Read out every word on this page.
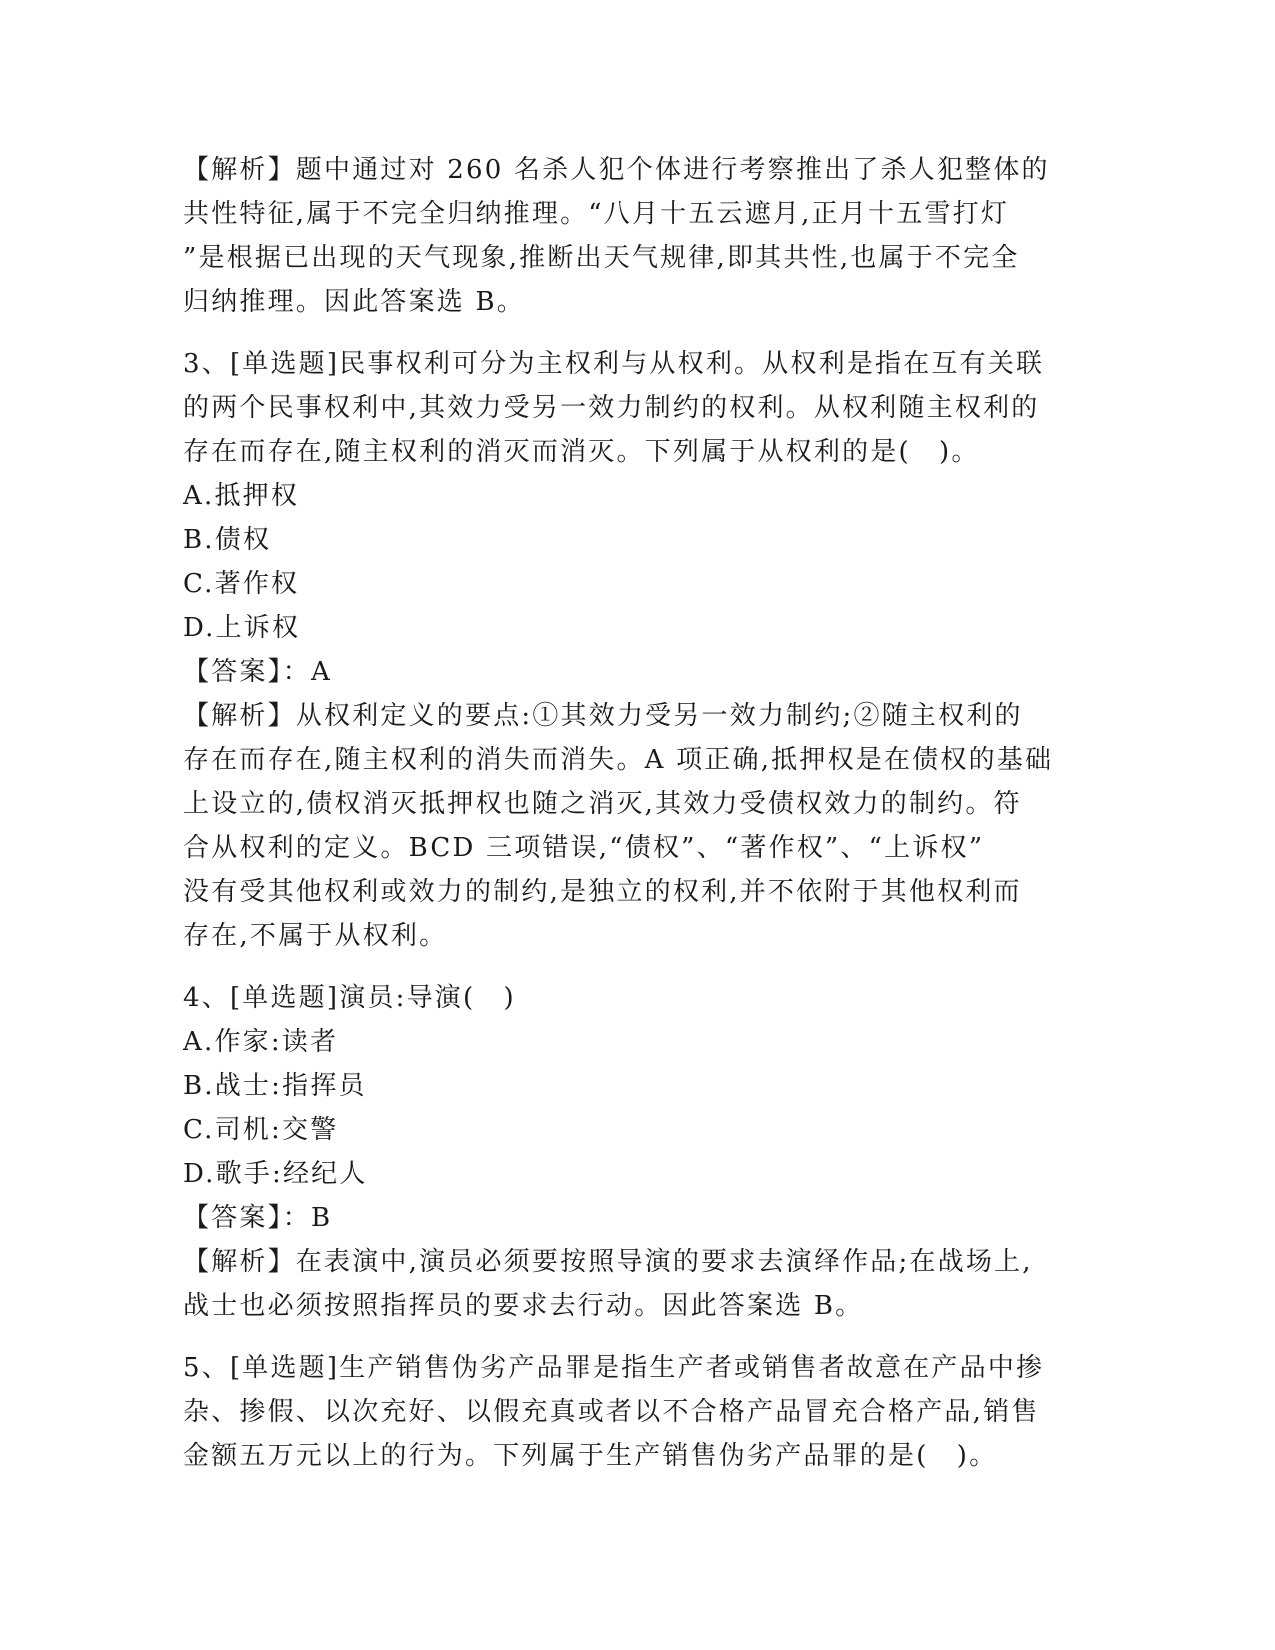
【解析】题中通过对 260 名杀人犯个体进行考察推出了杀人犯整体的
共性特征,属于不完全归纳推理。“八月十五云遮月,正月十五雪打灯
”是根据已出现的天气现象,推断出天气规律,即其共性,也属于不完全
归纳推理。因此答案选 B。
3、[单选题]民事权利可分为主权利与从权利。从权利是指在互有关联
的两个民事权利中,其效力受另一效力制约的权利。从权利随主权利的
存在而存在,随主权利的消灭而消灭。下列属于从权利的是(　)。
A.抵押权
B.债权
C.著作权
D.上诉权
【答案】：A
【解析】从权利定义的要点:①其效力受另一效力制约;②随主权利的
存在而存在,随主权利的消失而消失。A 项正确,抵押权是在债权的基础
上设立的,债权消灭抵押权也随之消灭,其效力受债权效力的制约。符
合从权利的定义。BCD 三项错误,“债权”、“著作权”、“上诉权”
没有受其他权利或效力的制约,是独立的权利,并不依附于其他权利而
存在,不属于从权利。
4、[单选题]演员:导演(　)
A.作家:读者
B.战士:指挥员
C.司机:交警
D.歌手:经纪人
【答案】：B
【解析】在表演中,演员必须要按照导演的要求去演绎作品;在战场上,
战士也必须按照指挥员的要求去行动。因此答案选 B。
5、[单选题]生产销售伪劣产品罪是指生产者或销售者故意在产品中掺
杂、掺假、以次充好、以假充真或者以不合格产品冒充合格产品,销售
金额五万元以上的行为。下列属于生产销售伪劣产品罪的是(　)。
